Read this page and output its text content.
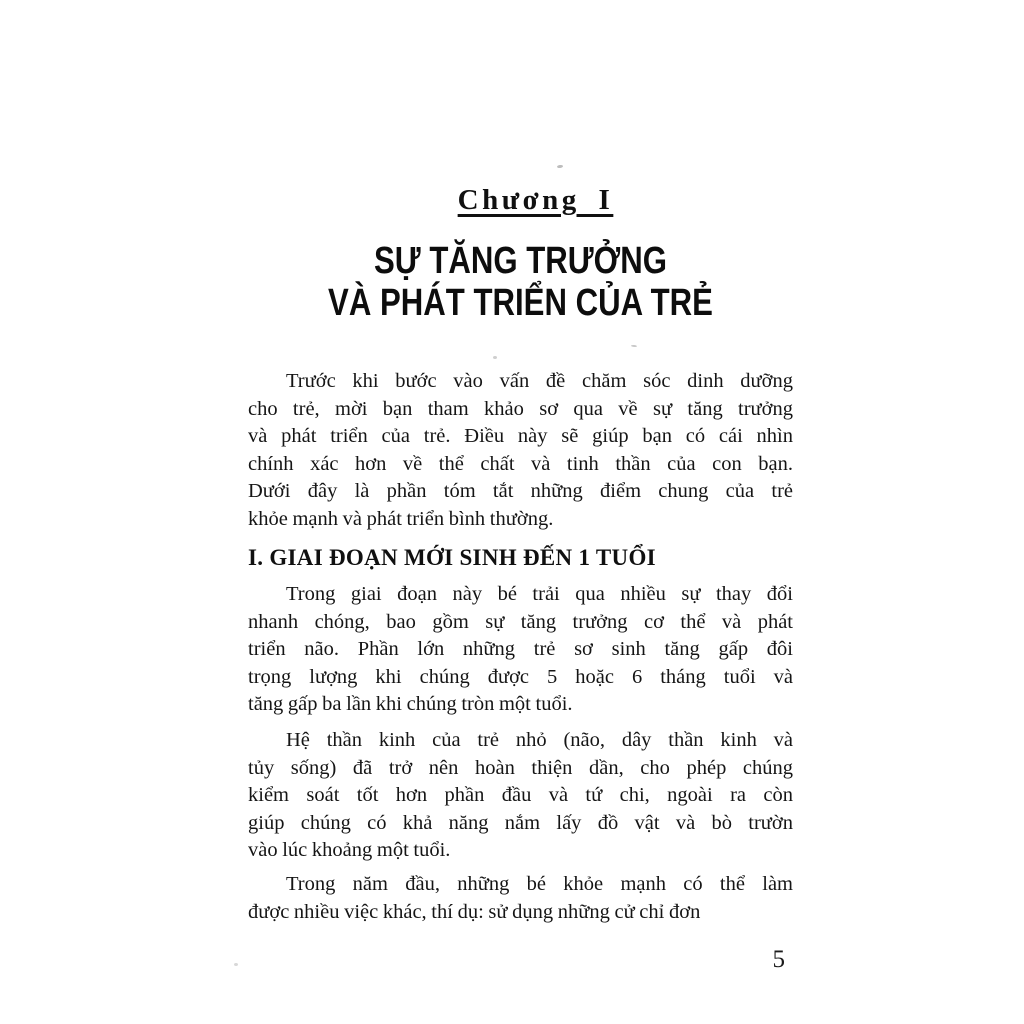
Chương I
SỰ TĂNG TRƯỞNG
VÀ PHÁT TRIỂN CỦA TRẺ
Trước khi bước vào vấn đề chăm sóc dinh dưỡng
cho trẻ, mời bạn tham khảo sơ qua về sự tăng trưởng
và phát triển của trẻ. Điều này sẽ giúp bạn có cái nhìn
chính xác hơn về thể chất và tinh thần của con bạn.
Dưới đây là phần tóm tắt những điểm chung của trẻ
khỏe mạnh và phát triển bình thường.
I. GIAI ĐOẠN MỚI SINH ĐẾN 1 TUỔI
Trong giai đoạn này bé trải qua nhiều sự thay đổi
nhanh chóng, bao gồm sự tăng trưởng cơ thể và phát
triển não. Phần lớn những trẻ sơ sinh tăng gấp đôi
trọng lượng khi chúng được 5 hoặc 6 tháng tuổi và
tăng gấp ba lần khi chúng tròn một tuổi.
Hệ thần kinh của trẻ nhỏ (não, dây thần kinh và
tủy sống) đã trở nên hoàn thiện dần, cho phép chúng
kiểm soát tốt hơn phần đầu và tứ chi, ngoài ra còn
giúp chúng có khả năng nắm lấy đồ vật và bò trườn
vào lúc khoảng một tuổi.
Trong năm đầu, những bé khỏe mạnh có thể làm
được nhiều việc khác, thí dụ: sử dụng những cử chỉ đơn
5
